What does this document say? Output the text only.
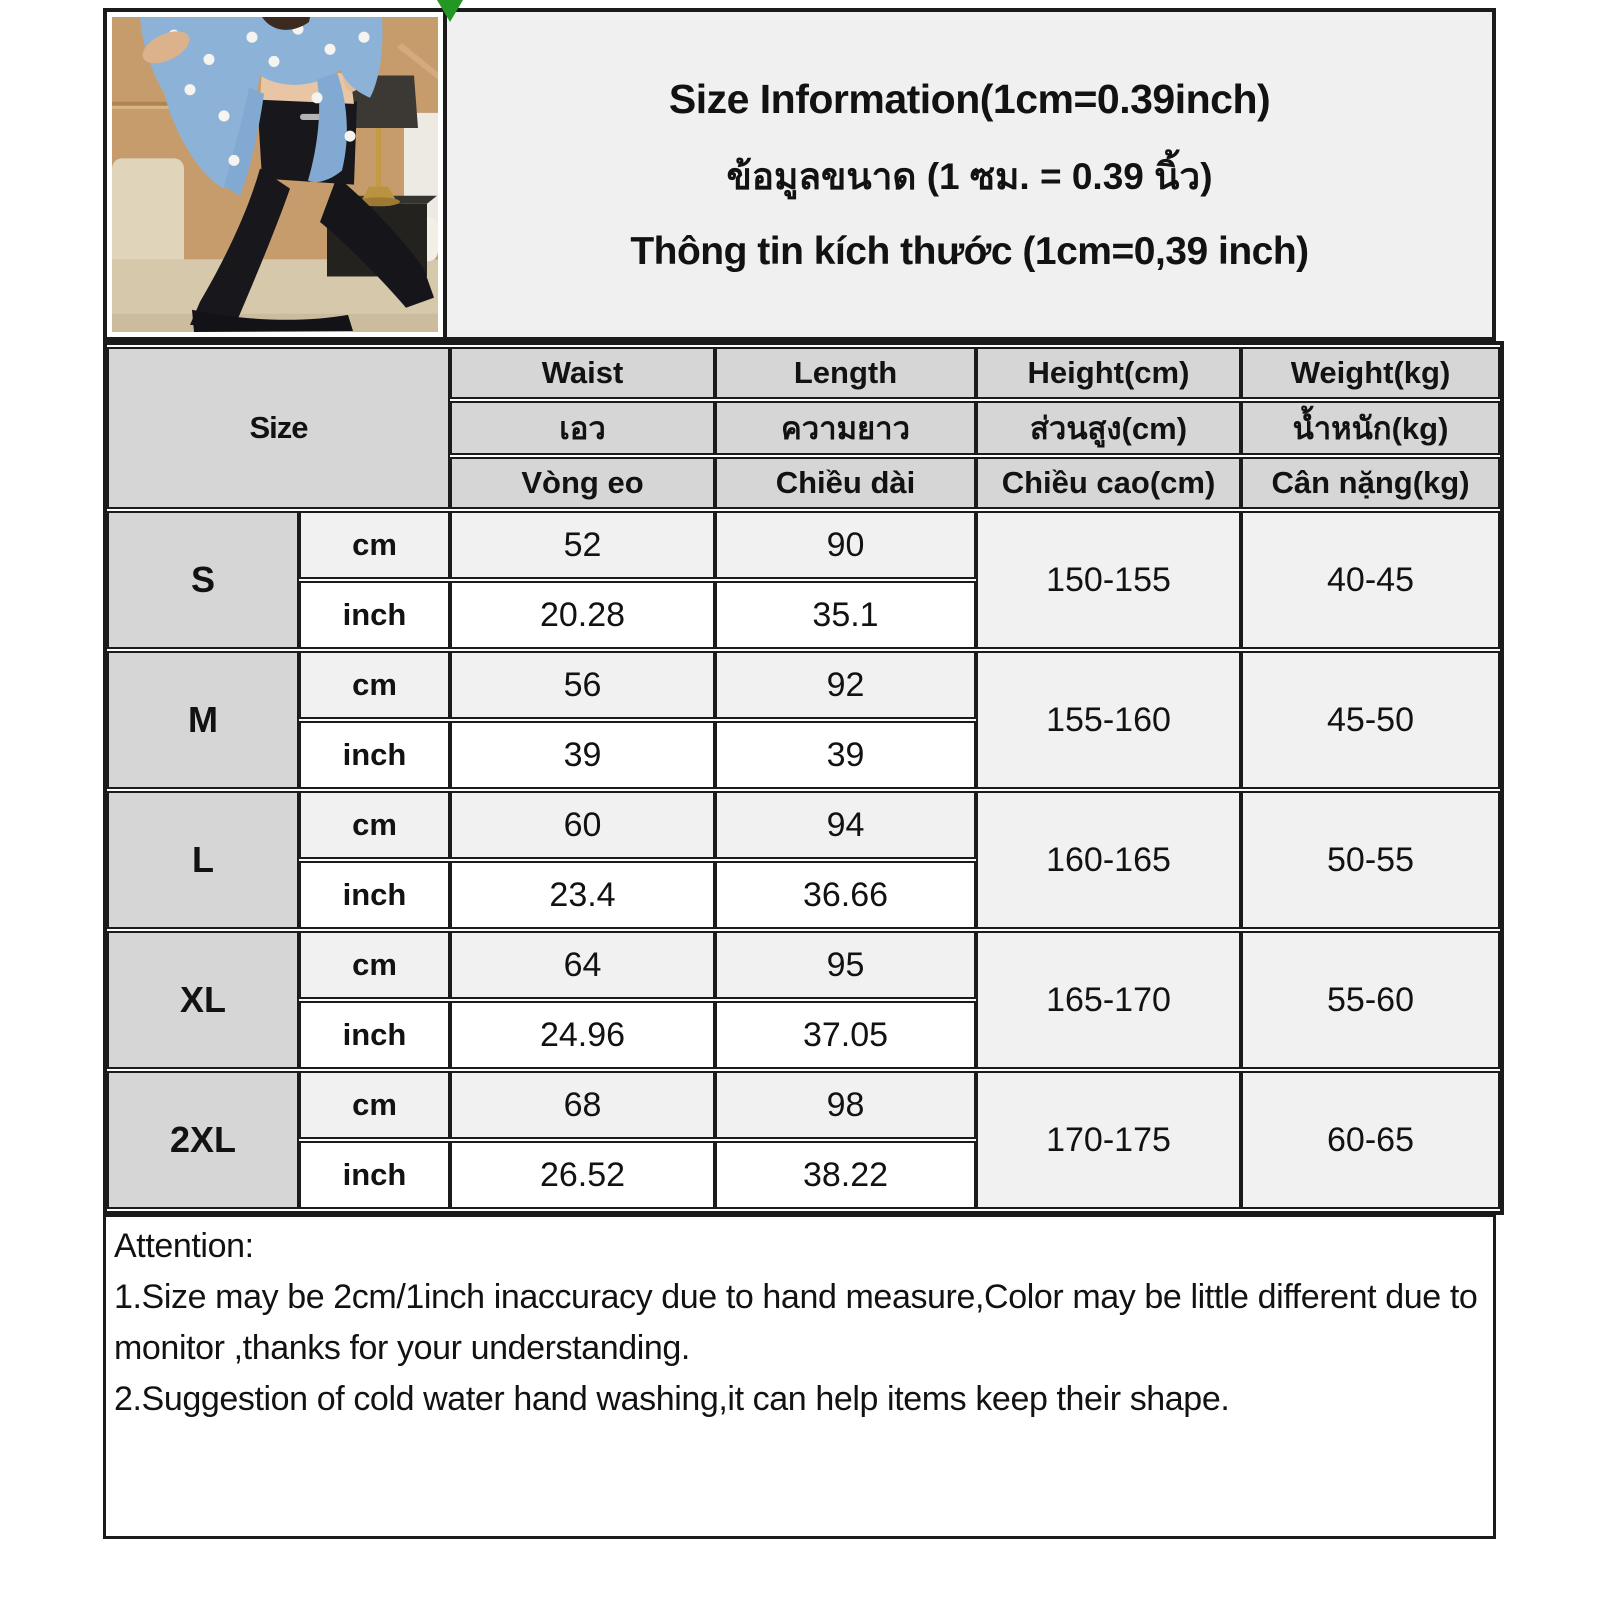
Size Information(1cm=0.39inch)
ข้อมูลขนาด (1 ซม. = 0.39 นิ้ว)
Thông tin kích thước (1cm=0,39 inch)
Size		Waist	Length	Height(cm)	Weight(kg)
		เอว	ความยาว	ส่วนสูง(cm)	น้ำหนัก(kg)
		Vòng eo	Chiều dài	Chiều cao(cm)	Cân nặng(kg)
S	cm	52	90	150-155	40-45
	inch	20.28	35.1		
M	cm	56	92	155-160	45-50
	inch	39	39		
L	cm	60	94	160-165	50-55
	inch	23.4	36.66		
XL	cm	64	95	165-170	55-60
	inch	24.96	37.05		
2XL	cm	68	98	170-175	60-65
	inch	26.52	38.22		

Attention:

1.Size may be 2cm/1inch inaccuracy due to hand measure,Color may be little different due to monitor ,thanks for your understanding.

2.Suggestion of cold water hand washing,it can help items keep their shape.
